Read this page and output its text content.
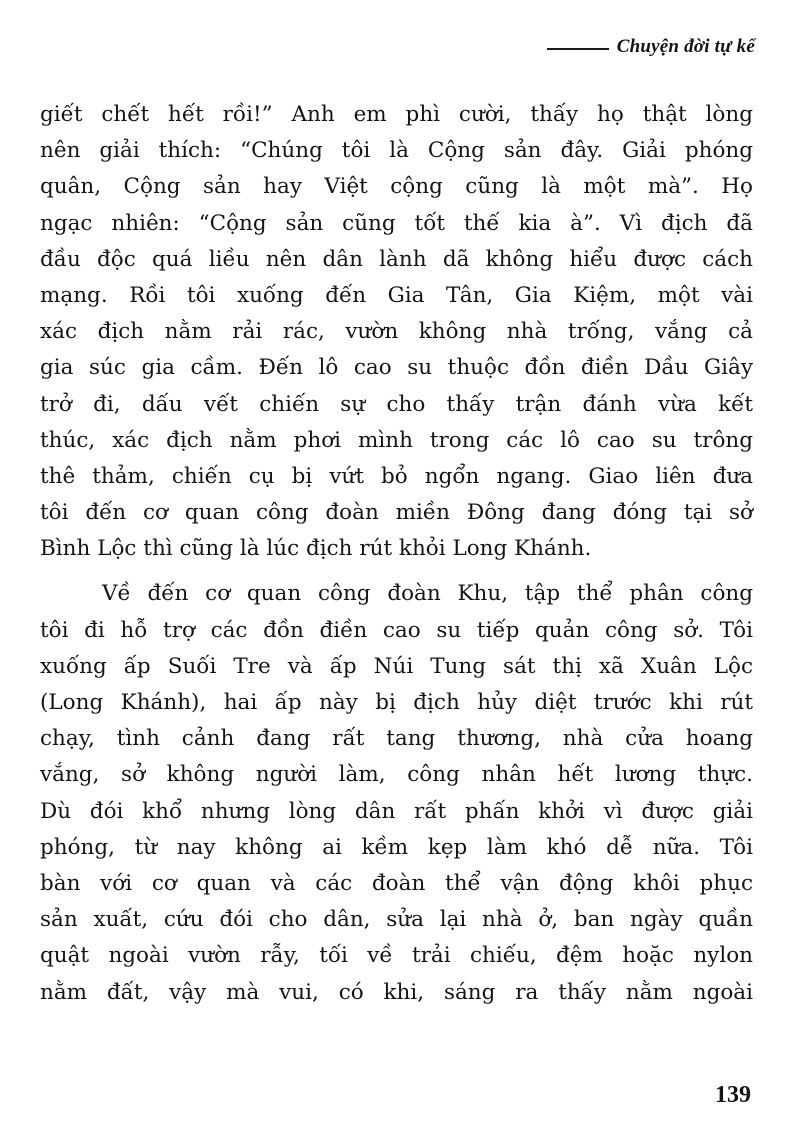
Chuyện đời tự kể

giết chết hết rồi!” Anh em phì cười, thấy họ thật lòng
nên giải thích: “Chúng tôi là Cộng sản đây. Giải phóng
quân, Cộng sản hay Việt cộng cũng là một mà”. Họ
ngạc nhiên: “Cộng sản cũng tốt thế kia à”. Vì địch đã
đầu độc quá liều nên dân lành dã không hiểu được cách
mạng. Rồi tôi xuống đến Gia Tân, Gia Kiệm, một vài
xác địch nằm rải rác, vườn không nhà trống, vắng cả
gia súc gia cầm. Đến lô cao su thuộc đồn điền Dầu Giây
trở đi, dấu vết chiến sự cho thấy trận đánh vừa kết
thúc, xác địch nằm phơi mình trong các lô cao su trông
thê thảm, chiến cụ bị vứt bỏ ngổn ngang. Giao liên đưa
tôi đến cơ quan công đoàn miền Đông đang đóng tại sở
Bình Lộc thì cũng là lúc địch rút khỏi Long Khánh.

Về đến cơ quan công đoàn Khu, tập thể phân công
tôi đi hỗ trợ các đồn điền cao su tiếp quản công sở. Tôi
xuống ấp Suối Tre và ấp Núi Tung sát thị xã Xuân Lộc
(Long Khánh), hai ấp này bị địch hủy diệt trước khi rút
chạy, tình cảnh đang rất tang thương, nhà cửa hoang
vắng, sở không người làm, công nhân hết lương thực.
Dù đói khổ nhưng lòng dân rất phấn khởi vì được giải
phóng, từ nay không ai kềm kẹp làm khó dễ nữa. Tôi
bàn với cơ quan và các đoàn thể vận động khôi phục
sản xuất, cứu đói cho dân, sửa lại nhà ở, ban ngày quần
quật ngoài vườn rẫy, tối về trải chiếu, đệm hoặc nylon
nằm đất, vậy mà vui, có khi, sáng ra thấy nằm ngoài

139
